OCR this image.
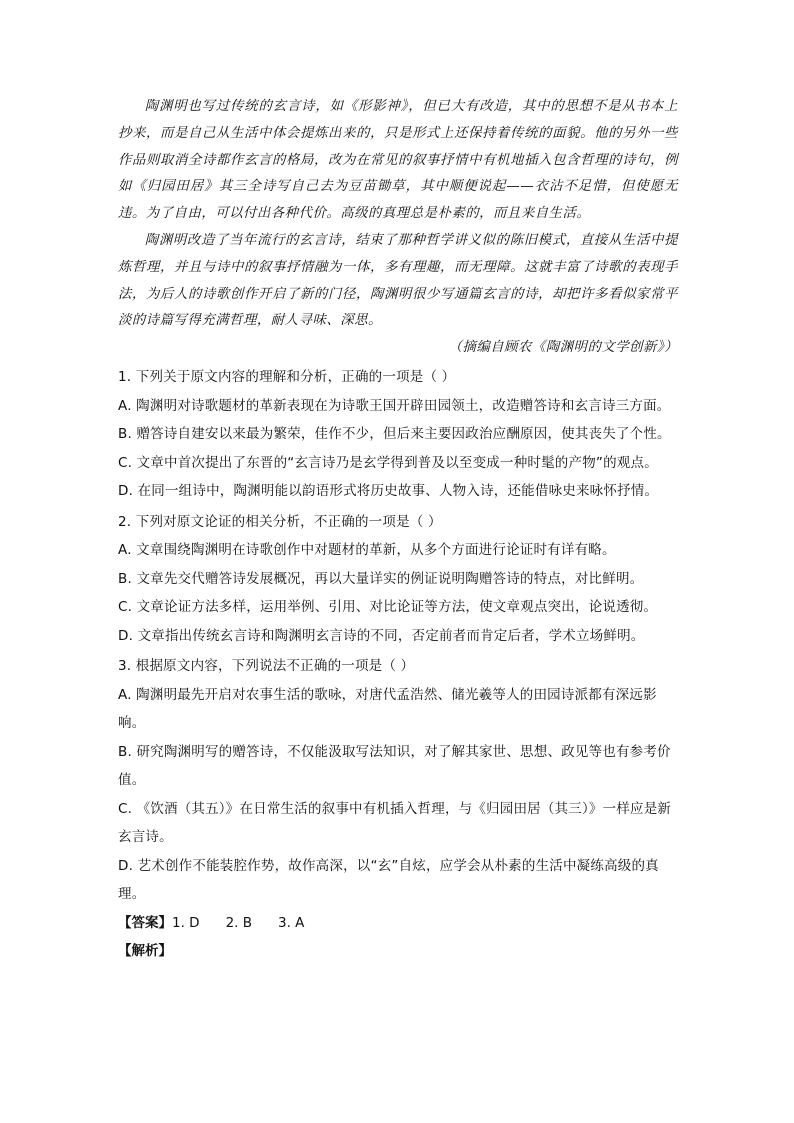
陶渊明也写过传统的玄言诗，如《形影神》，但已大有改造，其中的思想不是从书本上抄来，而是自己从生活中体会提炼出来的，只是形式上还保持着传统的面貌。他的另外一些作品则取消全诗都作玄言的格局，改为在常见的叙事抒情中有机地插入包含哲理的诗句，例如《归园田居》其三全诗写自己去为豆苗锄草，其中顺便说起——衣沾不足惜，但使愿无违。为了自由，可以付出各种代价。高级的真理总是朴素的，而且来自生活。

陶渊明改造了当年流行的玄言诗，结束了那种哲学讲义似的陈旧模式，直接从生活中提炼哲理，并且与诗中的叙事抒情融为一体，多有理趣，而无理障。这就丰富了诗歌的表现手法，为后人的诗歌创作开启了新的门径，陶渊明很少写通篇玄言的诗，却把许多看似家常平淡的诗篇写得充满哲理，耐人寻味、深思。

（摘编自顾农《陶渊明的文学创新》）

1. 下列关于原文内容的理解和分析，正确的一项是（ ）

A. 陶渊明对诗歌题材的革新表现在为诗歌王国开辟田园领土，改造赠答诗和玄言诗三方面。

B. 赠答诗自建安以来最为繁荣，佳作不少，但后来主要因政治应酬原因，使其丧失了个性。

C. 文章中首次提出了东晋的“玄言诗乃是玄学得到普及以至变成一种时髦的产物”的观点。

D. 在同一组诗中，陶渊明能以韵语形式将历史故事、人物入诗，还能借咏史来咏怀抒情。

2. 下列对原文论证的相关分析，不正确的一项是（ ）

A. 文章围绕陶渊明在诗歌创作中对题材的革新，从多个方面进行论证时有详有略。

B. 文章先交代赠答诗发展概况，再以大量详实的例证说明陶赠答诗的特点，对比鲜明。

C. 文章论证方法多样，运用举例、引用、对比论证等方法，使文章观点突出，论说透彻。

D. 文章指出传统玄言诗和陶渊明玄言诗的不同，否定前者而肯定后者，学术立场鲜明。

3. 根据原文内容，下列说法不正确的一项是（ ）

A. 陶渊明最先开启对农事生活的歌咏，对唐代孟浩然、储光羲等人的田园诗派都有深远影响。

B. 研究陶渊明写的赠答诗，不仅能汲取写法知识，对了解其家世、思想、政见等也有参考价值。

C. 《饮酒（其五）》在日常生活的叙事中有机插入哲理，与《归园田居（其三）》一样应是新玄言诗。

D. 艺术创作不能装腔作势，故作高深，以“玄”自炫，应学会从朴素的生活中凝练高级的真理。

【答案】1. D 2. B 3. A

【解析】
